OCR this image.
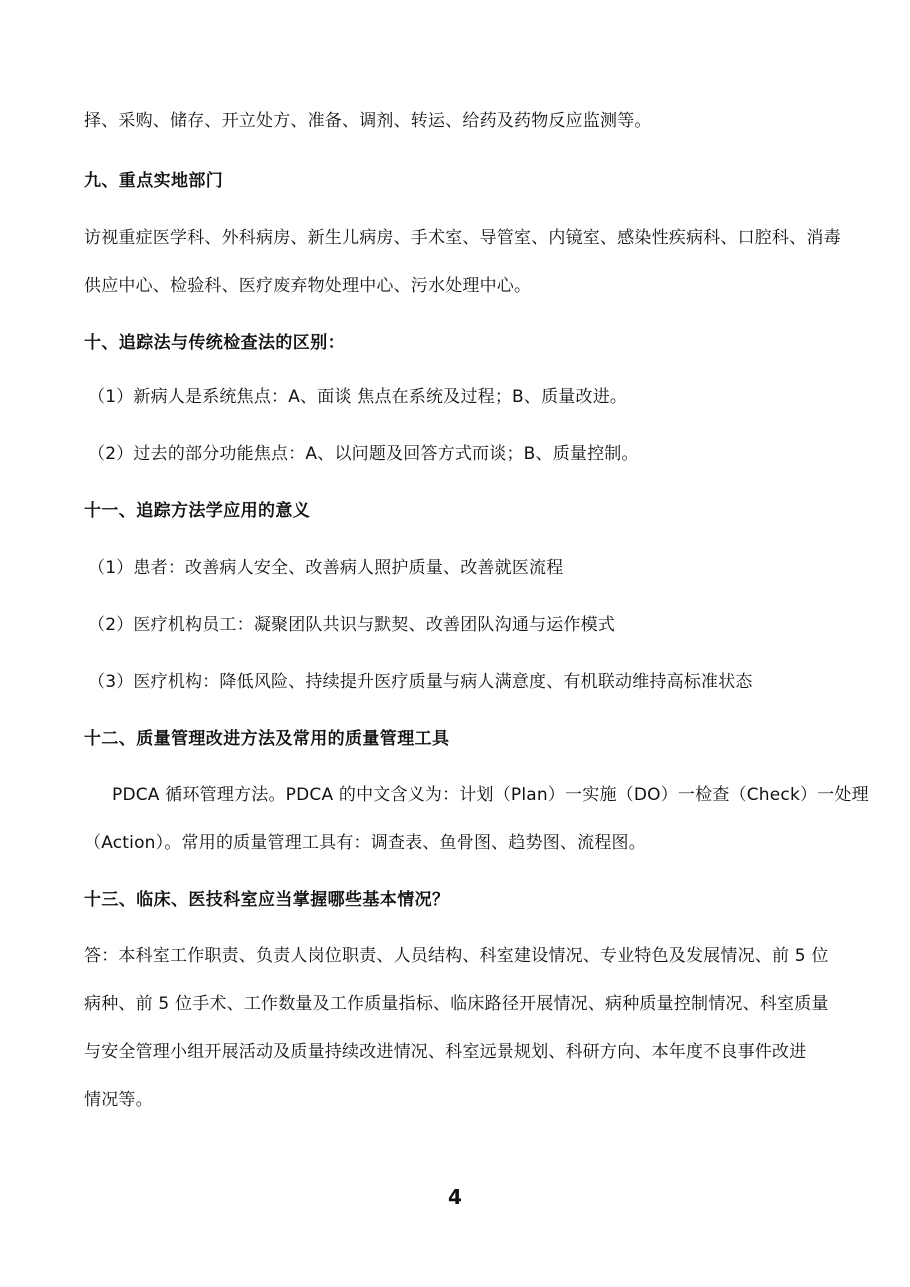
择、采购、储存、开立处方、准备、调剂、转运、给药及药物反应监测等。
九、重点实地部门
访视重症医学科、外科病房、新生儿病房、手术室、导管室、内镜室、感染性疾病科、口腔科、消毒
供应中心、检验科、医疗废弃物处理中心、污水处理中心。
十、追踪法与传统检查法的区别：
（1）新病人是系统焦点：A、面谈 焦点在系统及过程；B、质量改进。
（2）过去的部分功能焦点：A、以问题及回答方式而谈；B、质量控制。
十一、追踪方法学应用的意义
（1）患者：改善病人安全、改善病人照护质量、改善就医流程
（2）医疗机构员工：凝聚团队共识与默契、改善团队沟通与运作模式
（3）医疗机构：降低风险、持续提升医疗质量与病人满意度、有机联动维持高标准状态
十二、质量管理改进方法及常用的质量管理工具
PDCA 循环管理方法。PDCA 的中文含义为：计划（Plan）一实施（DO）一检查（Check）一处理
（Action）。常用的质量管理工具有：调查表、鱼骨图、趋势图、流程图。
十三、临床、医技科室应当掌握哪些基本情况？
答：本科室工作职责、负责人岗位职责、人员结构、科室建设情况、专业特色及发展情况、前 5 位
病种、前 5 位手术、工作数量及工作质量指标、临床路径开展情况、病种质量控制情况、科室质量
与安全管理小组开展活动及质量持续改进情况、科室远景规划、科研方向、本年度不良事件改进
情况等。
4
